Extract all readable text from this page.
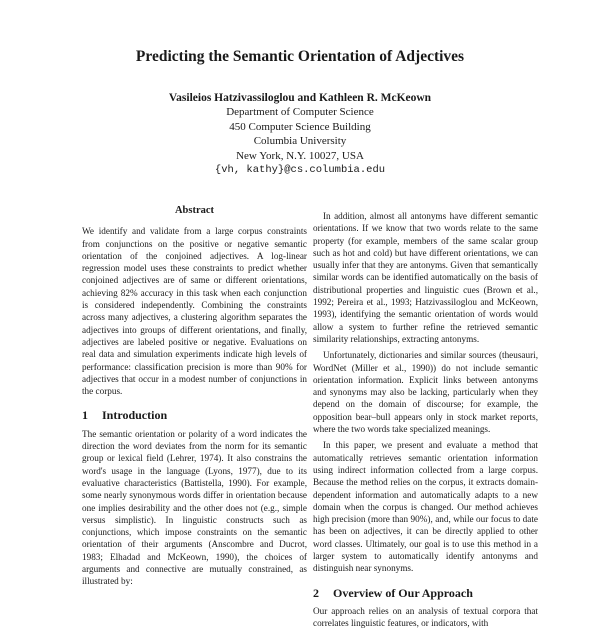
Predicting the Semantic Orientation of Adjectives
Vasileios Hatzivassiloglou and Kathleen R. McKeown
Department of Computer Science
450 Computer Science Building
Columbia University
New York, N.Y. 10027, USA
{vh, kathy}@cs.columbia.edu
Abstract
We identify and validate from a large corpus constraints from conjunctions on the positive or negative semantic orientation of the conjoined adjectives. A log-linear regression model uses these constraints to predict whether conjoined adjectives are of same or different orientations, achieving 82% accuracy in this task when each conjunction is considered independently. Combining the constraints across many adjectives, a clustering algorithm separates the adjectives into groups of different orientations, and finally, adjectives are labeled positive or negative. Evaluations on real data and simulation experiments indicate high levels of performance: classification precision is more than 90% for adjectives that occur in a modest number of conjunctions in the corpus.
1 Introduction
The semantic orientation or polarity of a word indicates the direction the word deviates from the norm for its semantic group or lexical field (Lehrer, 1974). It also constrains the word's usage in the language (Lyons, 1977), due to its evaluative characteristics (Battistella, 1990). For example, some nearly synonymous words differ in orientation because one implies desirability and the other does not (e.g., simple versus simplistic). In linguistic constructs such as conjunctions, which impose constraints on the semantic orientation of their arguments (Anscombre and Ducrot, 1983; Elhadad and McKeown, 1990), the choices of arguments and connective are mutually constrained, as illustrated by:
In addition, almost all antonyms have different semantic orientations. If we know that two words relate to the same property (for example, members of the same scalar group such as hot and cold) but have different orientations, we can usually infer that they are antonyms. Given that semantically similar words can be identified automatically on the basis of distributional properties and linguistic cues (Brown et al., 1992; Pereira et al., 1993; Hatzivassiloglou and McKeown, 1993), identifying the semantic orientation of words would allow a system to further refine the retrieved semantic similarity relationships, extracting antonyms.
Unfortunately, dictionaries and similar sources (theusauri, WordNet (Miller et al., 1990)) do not include semantic orientation information. Explicit links between antonyms and synonyms may also be lacking, particularly when they depend on the domain of discourse; for example, the opposition bear–bull appears only in stock market reports, where the two words take specialized meanings.
In this paper, we present and evaluate a method that automatically retrieves semantic orientation information using indirect information collected from a large corpus. Because the method relies on the corpus, it extracts domain-dependent information and automatically adapts to a new domain when the corpus is changed. Our method achieves high precision (more than 90%), and, while our focus to date has been on adjectives, it can be directly applied to other word classes. Ultimately, our goal is to use this method in a larger system to automatically identify antonyms and distinguish near synonyms.
2 Overview of Our Approach
Our approach relies on an analysis of textual corpora that correlates linguistic features, or indicators, with
